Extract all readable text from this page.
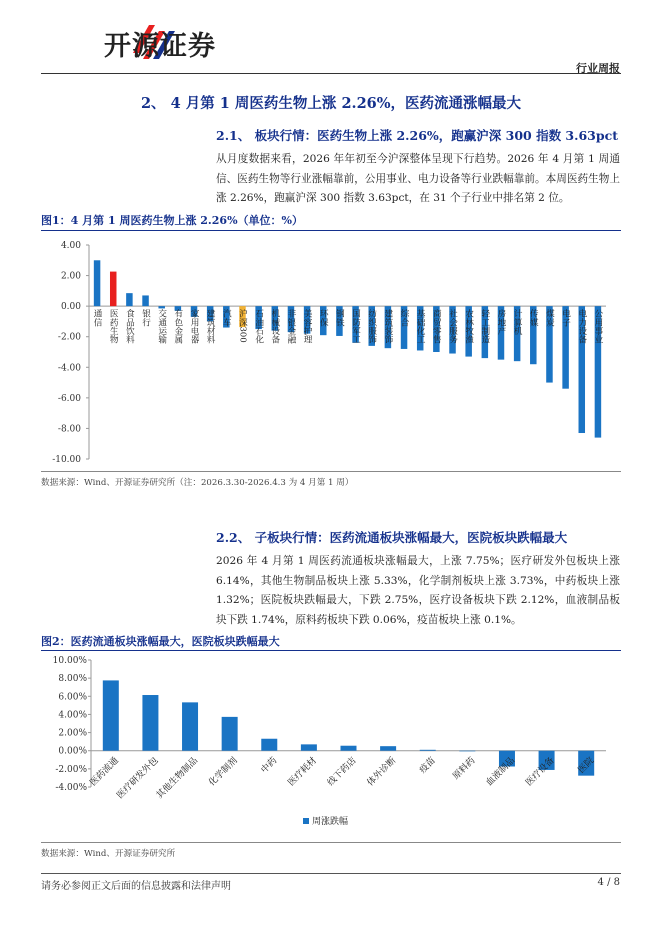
开源证券
行业周报
2、 4 月第 1 周医药生物上涨 2.26%，医药流通涨幅最大
2.1、 板块行情：医药生物上涨 2.26%，跑赢沪深 300 指数 3.63pct
从月度数据来看，2026 年年初至今沪深整体呈现下行趋势。2026 年 4 月第 1 周通信、医药生物等行业涨幅靠前，公用事业、电力设备等行业跌幅靠前。本周医药生物上涨 2.26%，跑赢沪深 300 指数 3.63pct，在 31 个子行业中排名第 2 位。
图1：4 月第 1 周医药生物上涨 2.26%（单位：%）
4.00
2.00
0.00
-2.00
-4.00
-6.00
-8.00
-10.00
通信 医药生物 食品饮料 银行 交通运输 有色金属 家用电器 建筑材料 汽车 沪深300 石油石化 机械设备 非银金融 美容护理 环保 钢铁 国防军工 纺织服饰 建筑装饰 综合 基础化工 商贸零售 社会服务 农林牧渔 轻工制造 房地产 计算机 传媒 煤炭 电子 电力设备 公用事业
数据来源：Wind、开源证券研究所（注：2026.3.30-2026.4.3 为 4 月第 1 周）
2.2、 子板块行情：医药流通板块涨幅最大，医院板块跌幅最大
2026 年 4 月第 1 周医药流通板块涨幅最大，上涨 7.75%；医疗研发外包板块上涨 6.14%，其他生物制品板块上涨 5.33%，化学制剂板块上涨 3.73%，中药板块上涨 1.32%；医院板块跌幅最大，下跌 2.75%，医疗设备板块下跌 2.12%，血液制品板块下跌 1.74%，原料药板块下跌 0.06%，疫苗板块上涨 0.1%。
图2：医药流通板块涨幅最大，医院板块跌幅最大
10.00%
8.00%
6.00%
4.00%
2.00%
0.00%
-2.00%
-4.00% 医药流通
医疗研发外包
其他生物制品 化学制剂 中药 医疗耗材 线下药店 体外诊断 疫苗 原料药 血液制品 医疗设备 医院
周涨跌幅
数据来源：Wind、开源证券研究所
请务必参阅正文后面的信息披露和法律声明	4 / 8
